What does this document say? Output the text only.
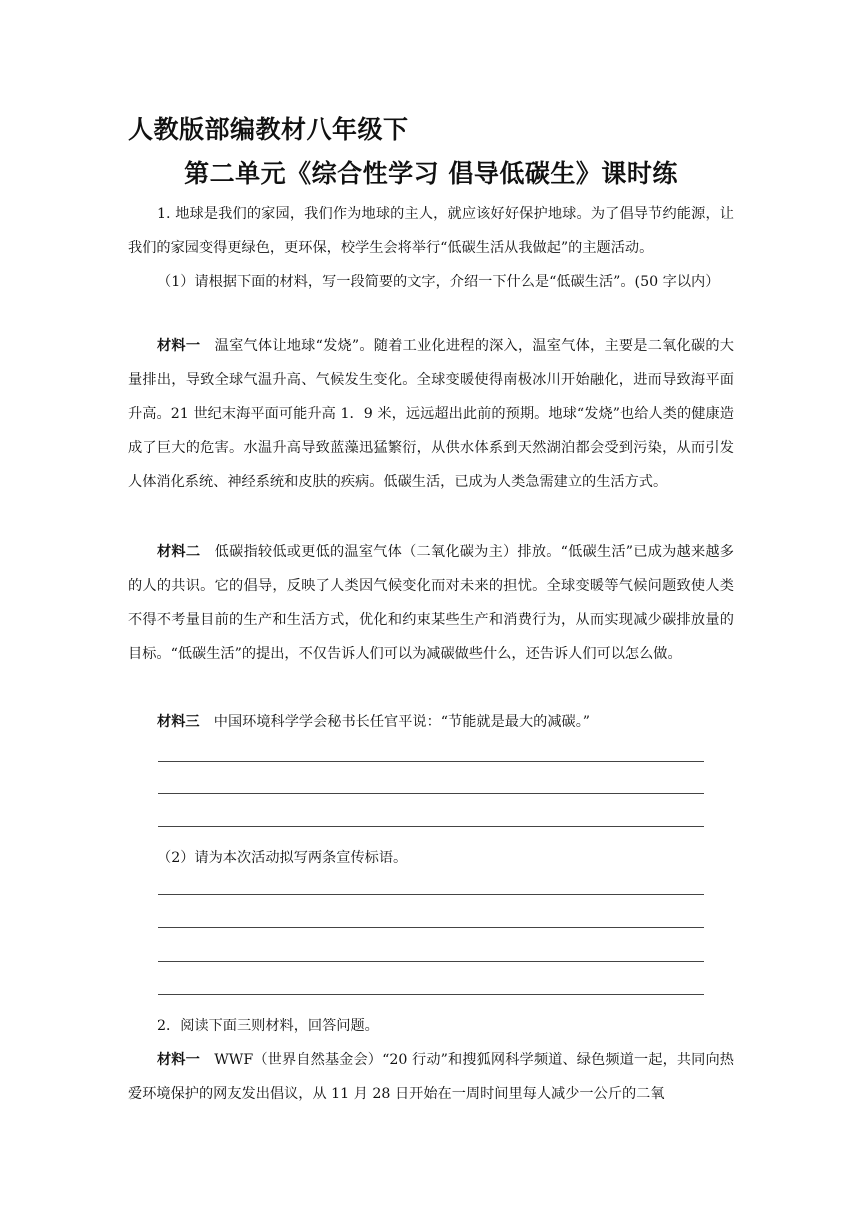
人教版部编教材八年级下
第二单元《综合性学习 倡导低碳生》课时练
1. 地球是我们的家园，我们作为地球的主人，就应该好好保护地球。为了倡导节约能源，让我们的家园变得更绿色，更环保，校学生会将举行“低碳生活从我做起”的主题活动。
（1）请根据下面的材料，写一段简要的文字，介绍一下什么是“低碳生活”。(50 字以内）
材料一　温室气体让地球“发烧”。随着工业化进程的深入，温室气体，主要是二氧化碳的大量排出，导致全球气温升高、气候发生变化。全球变暖使得南极冰川开始融化，进而导致海平面升高。21 世纪末海平面可能升高 1．9 米，远远超出此前的预期。地球“发烧”也给人类的健康造成了巨大的危害。水温升高导致蓝藻迅猛繁衍，从供水体系到天然湖泊都会受到污染，从而引发人体消化系统、神经系统和皮肤的疾病。低碳生活，已成为人类急需建立的生活方式。
材料二　低碳指较低或更低的温室气体（二氧化碳为主）排放。“低碳生活”已成为越来越多的人的共识。它的倡导，反映了人类因气候变化而对未来的担忧。全球变暖等气候问题致使人类不得不考量目前的生产和生活方式，优化和约束某些生产和消费行为，从而实现减少碳排放量的目标。“低碳生活”的提出，不仅告诉人们可以为减碳做些什么，还告诉人们可以怎么做。
材料三　中国环境科学学会秘书长任官平说：“节能就是最大的减碳。”
（2）请为本次活动拟写两条宣传标语。
2．阅读下面三则材料，回答问题。
材料一　WWF（世界自然基金会）“20 行动”和搜狐网科学频道、绿色频道一起，共同向热爱环境保护的网友发出倡议，从 11 月 28 日开始在一周时间里每人减少一公斤的二氧
